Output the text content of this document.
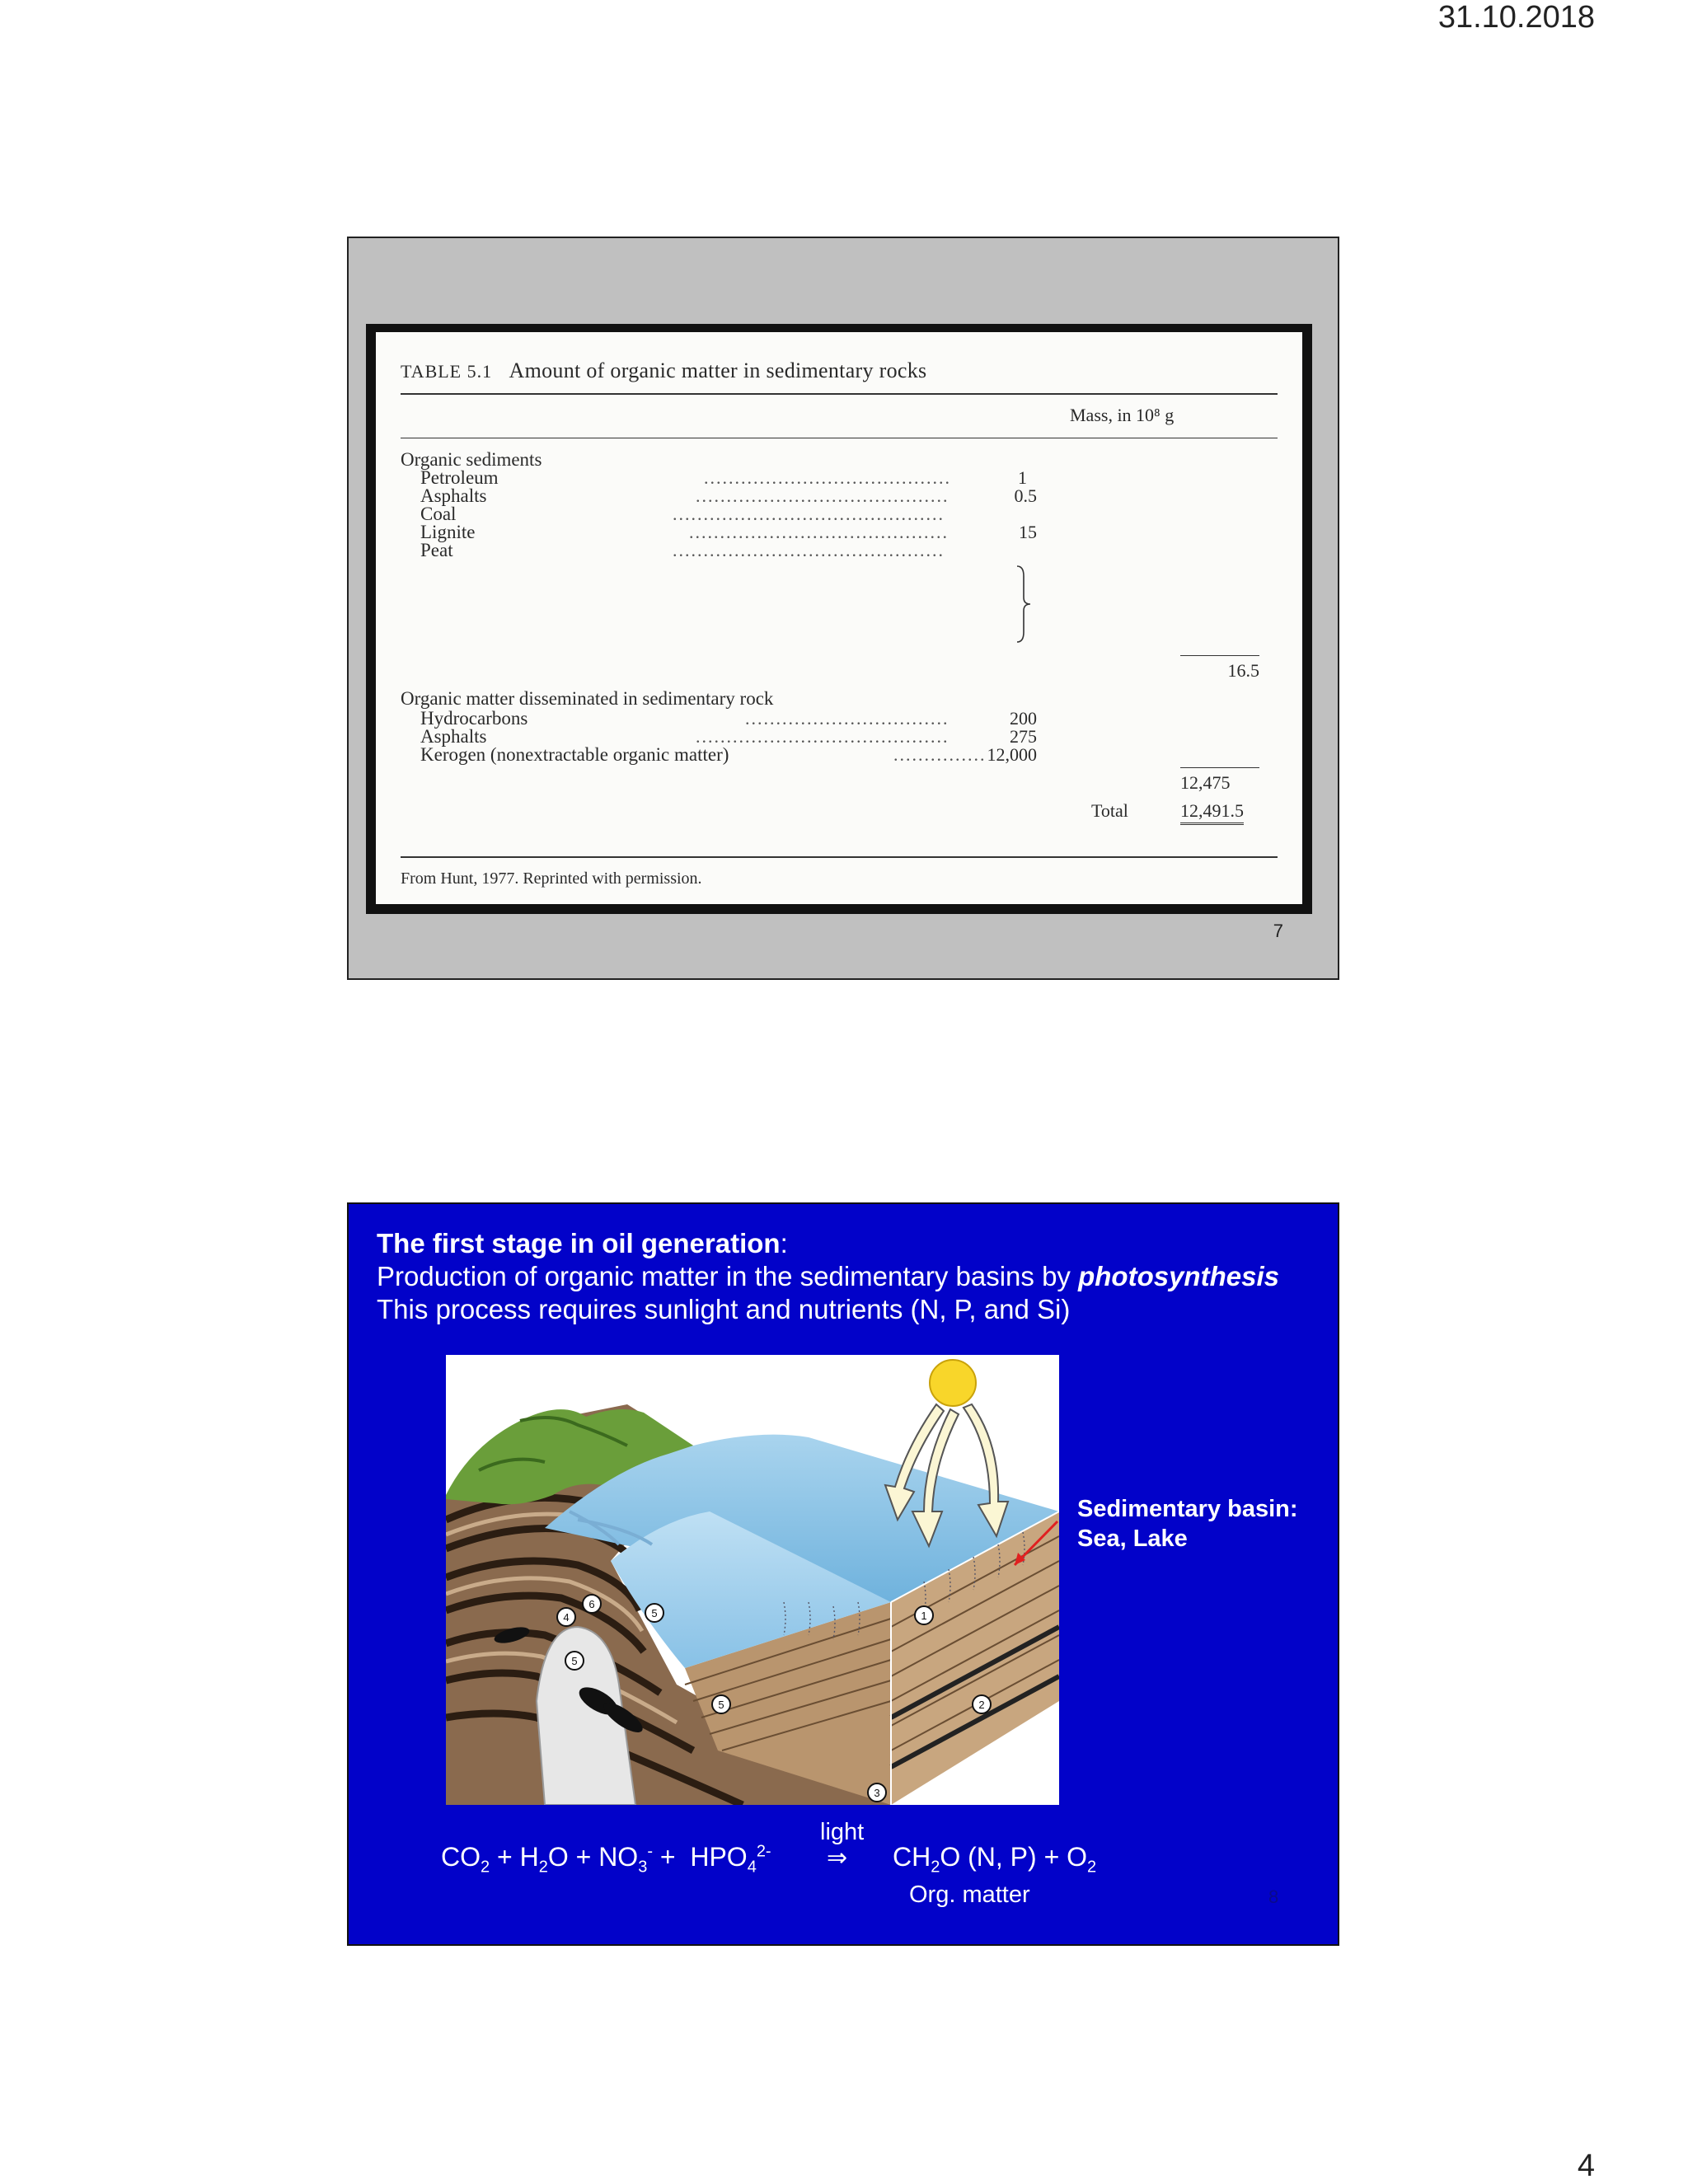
31.10.2018
TABLE 5.1 Amount of organic matter in sedimentary rocks
Mass, in 10⁸ g
Organic sediments
Petroleum	........................................	1
Asphalts	.........................................	0.5
Coal	............................................
Lignite	..........................................	15
Peat	............................................
16.5
Organic matter disseminated in sedimentary rock
Hydrocarbons	.................................	200
Asphalts	.........................................	275
Kerogen (nonextractable organic matter)	............... 12,000
12,475
Total	12,491.5
From Hunt, 1977. Reprinted with permission.
7
The first stage in oil generation:
Production of organic matter in the sedimentary basins by photosynthesis
This process requires sunlight and nutrients (N, P, and Si)
1
2
3
4	5
5
5
6
Sedimentary basin:
Sea, Lake
$CO_2 + H_2O + NO_3^- + HPO_4^{2-}$
light
⇒ $CH_2O$ (N, $P) + O_2$
Org. matter	8
4
